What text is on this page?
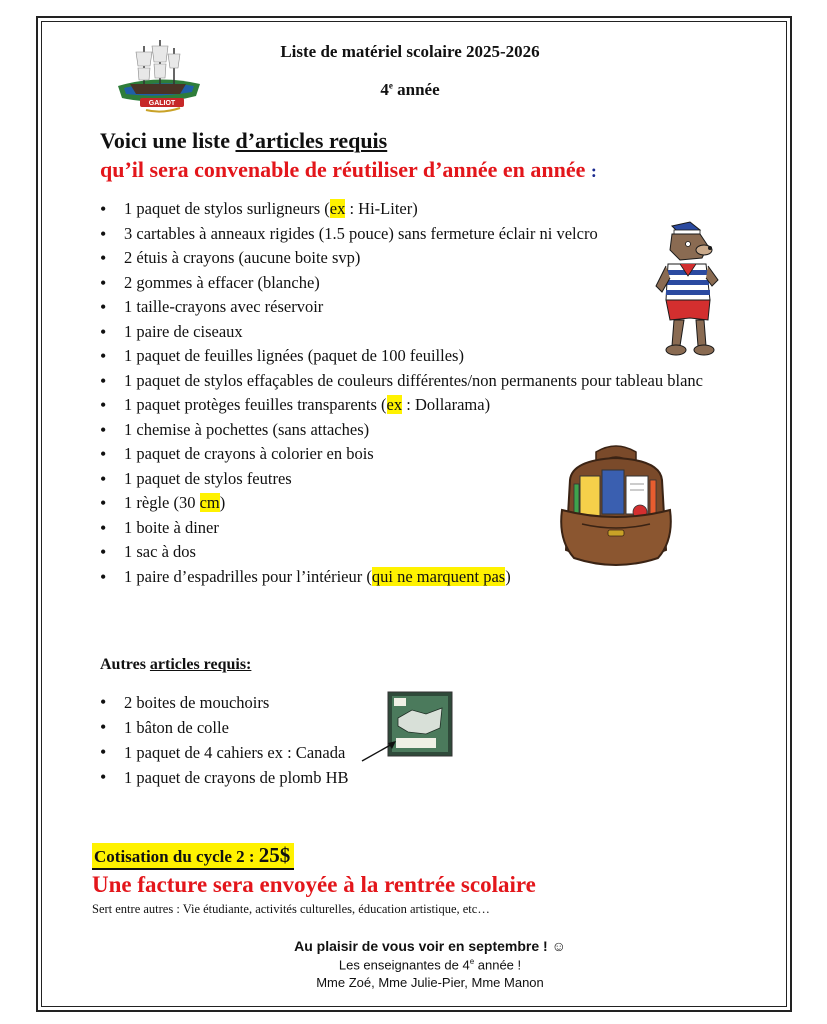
GALIOT
Liste de matériel scolaire 2025-2026
4e année
Voici une liste d’articles requis
qu’il sera convenable de réutiliser d’année en année :
• 1 paquet de stylos surligneurs (ex : Hi-Liter)
• 3 cartables à anneaux rigides (1.5 pouce) sans fermeture éclair ni velcro
• 2 étuis à crayons (aucune boite svp)
• 2 gommes à effacer (blanche)
• 1 taille-crayons avec réservoir
• 1 paire de ciseaux
• 1 paquet de feuilles lignées (paquet de 100 feuilles)
• 1 paquet de stylos effaçables de couleurs différentes/non permanents pour tableau blanc
• 1 paquet protèges feuilles transparents (ex : Dollarama)
• 1 chemise à pochettes (sans attaches)
• 1 paquet de crayons à colorier en bois
• 1 paquet de stylos feutres
• 1 règle (30 cm)
• 1 boite à diner
• 1 sac à dos
• 1 paire d’espadrilles pour l’intérieur (qui ne marquent pas)
Autres articles requis:
• 2 boites de mouchoirs
• 1 bâton de colle
• 1 paquet de 4 cahiers ex : Canada
• 1 paquet de crayons de plomb HB
Cotisation du cycle 2 : 25$
Une facture sera envoyée à la rentrée scolaire
Sert entre autres : Vie étudiante, activités culturelles, éducation artistique, etc…
Au plaisir de vous voir en septembre ! ☺
Les enseignantes de 4e année !
Mme Zoé, Mme Julie-Pier, Mme Manon
